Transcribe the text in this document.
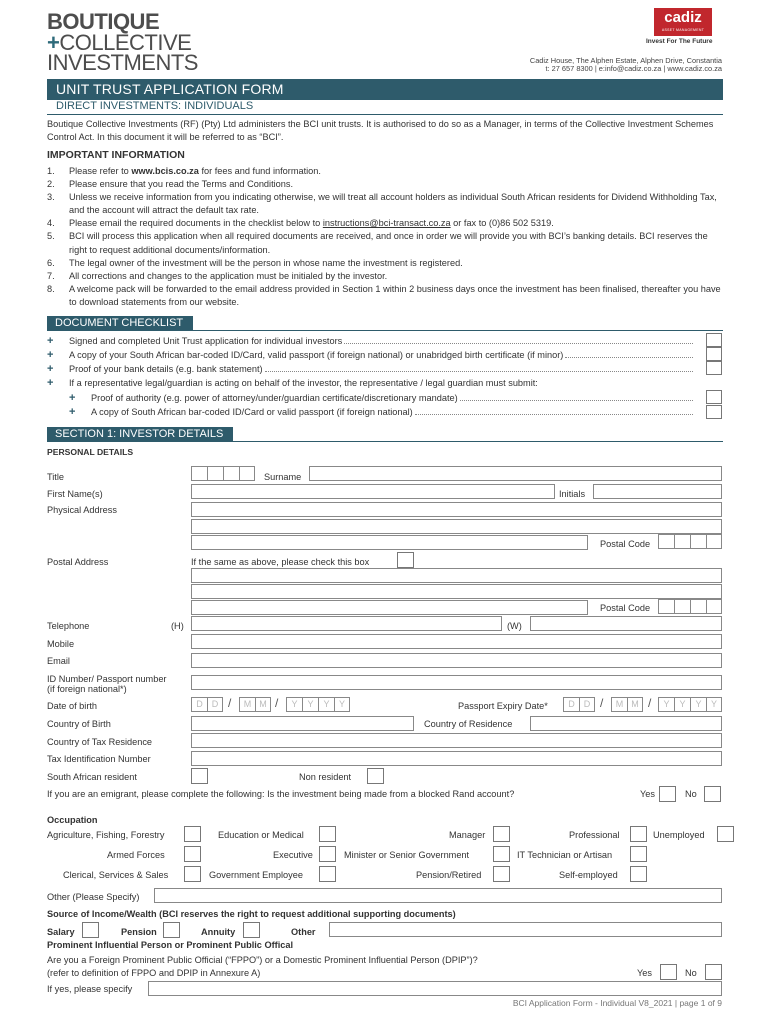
BOUTIQUE
+COLLECTIVE
INVESTMENTS
cadiz
ASSET MANAGEMENT
Invest For The Future
Cadiz House, The Alphen Estate, Alphen Drive, Constantia
t: 27 657 8300 | e:info@cadiz.co.za | www.cadiz.co.za
UNIT TRUST APPLICATION FORM
DIRECT INVESTMENTS: INDIVIDUALS
Boutique Collective Investments (RF) (Pty) Ltd administers the BCI unit trusts. It is authorised to do so as a Manager, in terms of the Collective Investment Schemes Control Act. In this document it will be referred to as “BCI”.
IMPORTANT INFORMATION
1.	Please refer to www.bcis.co.za for fees and fund information.
2.	Please ensure that you read the Terms and Conditions.
3.	Unless we receive information from you indicating otherwise, we will treat all account holders as individual South African residents for Dividend Withholding Tax, and the account will attract the default tax rate.
4.	Please email the required documents in the checklist below to instructions@bci-transact.co.za or fax to (0)86 502 5319.
5.	BCI will process this application when all required documents are received, and once in order we will provide you with BCI’s banking details. BCI reserves the right to request additional documents/information.
6.	The legal owner of the investment will be the person in whose name the investment is registered.
7.	All corrections and changes to the application must be initialed by the investor.
8.	A welcome pack will be forwarded to the email address provided in Section 1 within 2 business days once the investment has been finalised, thereafter you have to download statements from our website.
DOCUMENT CHECKLIST
+	Signed and completed Unit Trust application for individual investors
+	A copy of your South African bar-coded ID/Card, valid passport (if foreign national) or unabridged birth certificate (if minor)
+	Proof of your bank details (e.g. bank statement)
+	If a representative legal/guardian is acting on behalf of the investor, the representative / legal guardian must submit:
+	Proof of authority (e.g. power of attorney/under/guardian certificate/discretionary mandate)
+	A copy of South African bar-coded ID/Card or valid passport (if foreign national)
SECTION 1: INVESTOR DETAILS
PERSONAL DETAILS
Title	Surname
First Name(s)	Initials
Physical Address
Postal Code
Postal Address	If the same as above, please check this box
Postal Code
Telephone	(H)	(W)
Mobile
Email
ID Number/ Passport number
(if foreign national*)
Date of birth	D	D /	M M /	Y	Y	Y	Y	Passport Expiry Date*	D	D /	M M /	Y	Y	Y	Y
Country of Birth	Country of Residence
Country of Tax Residence
Tax Identification Number
South African resident	Non resident
If you are an emigrant, please complete the following: Is the investment being made from a blocked Rand account?	Yes	No
Occupation
Agriculture, Fishing, Forestry	Education or Medical	Manager	Professional	Unemployed
Armed Forces	Executive	Minister or Senior Government	IT Technician or Artisan
Clerical, Services & Sales	Government Employee	Pension/Retired	Self-employed
Other (Please Specify)
Source of Income/Wealth (BCI reserves the right to request additional supporting documents)
Salary	Pension	Annuity	Other
Prominent Influential Person or Prominent Public Offical
Are you a Foreign Prominent Public Official (“FPPO”) or a Domestic Prominent Influential Person (DPIP”)?
(refer to definition of FPPO and DPIP in Annexure A)	Yes	No
If yes, please specify
BCI Application Form - Individual V8_2021 | page 1 of 9
